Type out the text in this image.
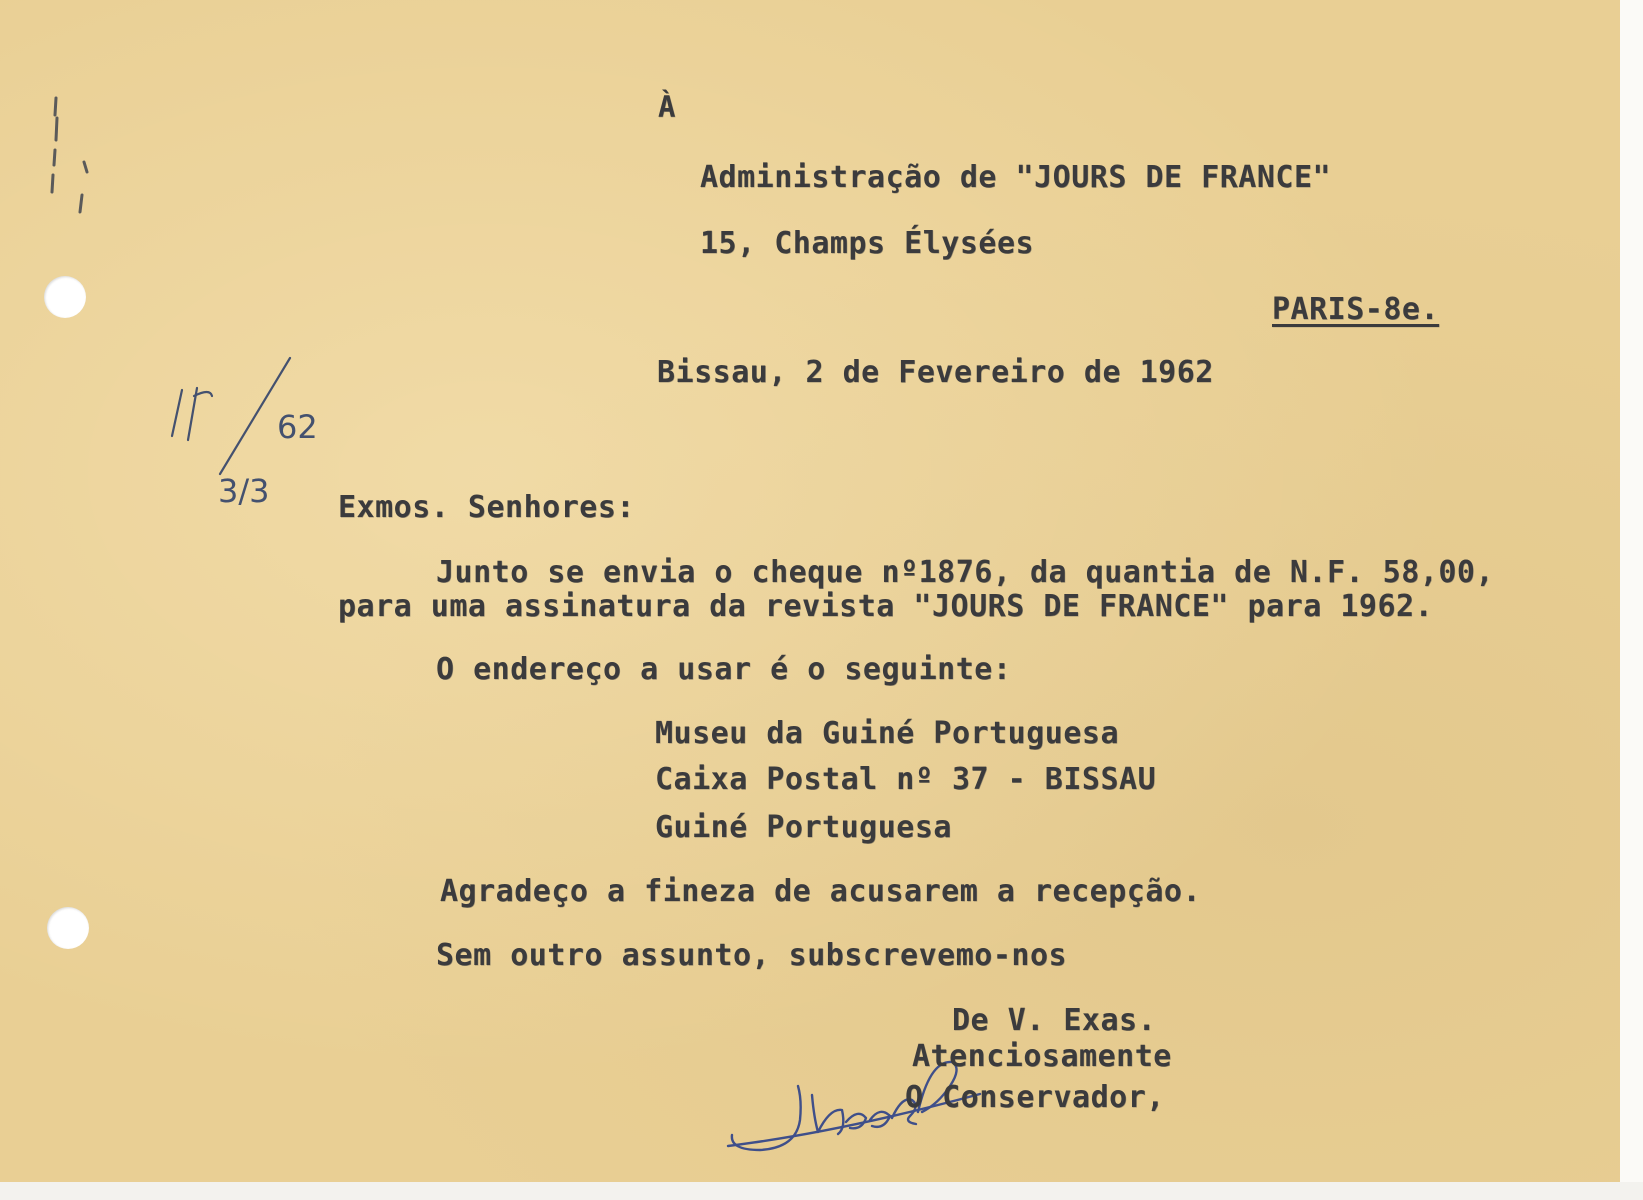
À
Administração de "JOURS DE FRANCE"
15, Champs Élysées
PARIS-8e.
Bissau, 2 de Fevereiro de 1962
62
3/3 Exmos. Senhores:
Junto se envia o cheque nº1876, da quantia de N.F. 58,00,
para uma assinatura da revista "JOURS DE FRANCE" para 1962.
O endereço a usar é o seguinte:
Museu da Guiné Portuguesa
Caixa Postal nº 37 - BISSAU
Guiné Portuguesa
Agradeço a fineza de acusarem a recepção.
Sem outro assunto, subscrevemo-nos
De V. Exas.
Atenciosamente
O Conservador,
